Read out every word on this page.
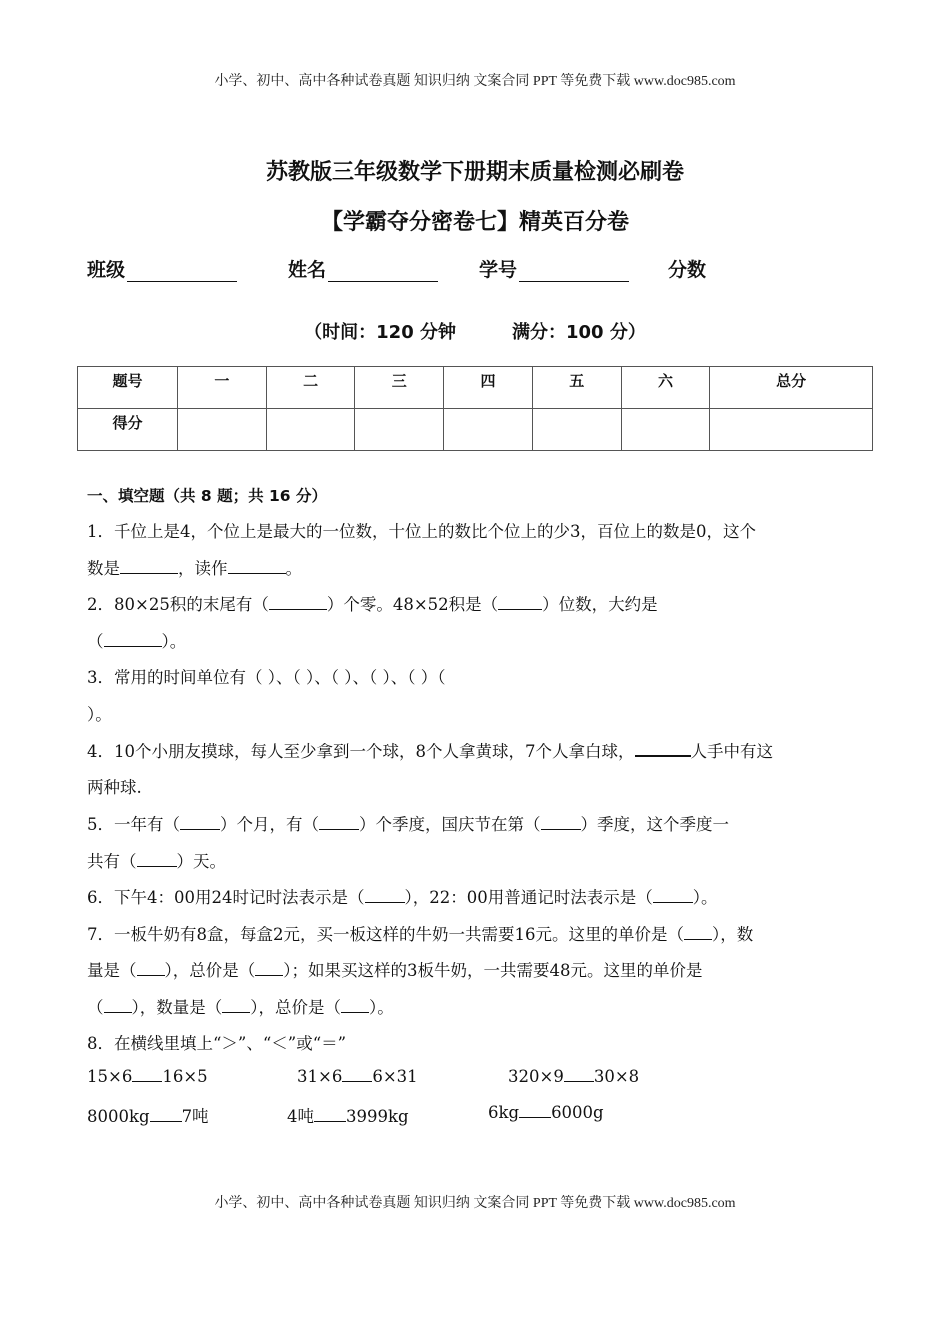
小学、初中、高中各种试卷真题 知识归纳 文案合同 PPT 等免费下载 www.doc985.com
苏教版三年级数学下册期末质量检测必刷卷
【学霸夺分密卷七】精英百分卷
班级	姓名	学号	分数
（时间：120 分钟	满分：100 分）
题号	一	二	三	四	五	六	总分
得分							
一、填空题（共 8 题；共 16 分）
1．千位上是4，个位上是最大的一位数，十位上的数比个位上的少3，百位上的数是0，这个
数是	，读作	。
2．80×25积的末尾有（	）个零。48×52积是（	）位数，大约是
（	）。
3．常用的时间单位有（ ）、（ ）、（ ）、（ ）、（ ）（
）。
4．10个小朋友摸球，每人至少拿到一个球，8个人拿黄球，7个人拿白球，	人手中有这
两种球.
5．一年有（ ）个月，有（ ）个季度，国庆节在第（ ）季度，这个季度一
共有（ ）天。
6．下午4：00用24时记时法表示是（ ），22：00用普通记时法表示是（ ）。
7．一板牛奶有8盒，每盒2元，买一板这样的牛奶一共需要16元。这里的单价是（ ），数
量是（ ），总价是（ ）；如果买这样的3板牛奶，一共需要48元。这里的单价是
（ ），数量是（ ），总价是（ ）。
8．在横线里填上“＞”、“＜”或“＝”
15×6 16×5	31×6 6×31	320×9 30×8
8000kg 7吨	4吨 3999kg	6kg 6000g
小学、初中、高中各种试卷真题 知识归纳 文案合同 PPT 等免费下载 www.doc985.com
